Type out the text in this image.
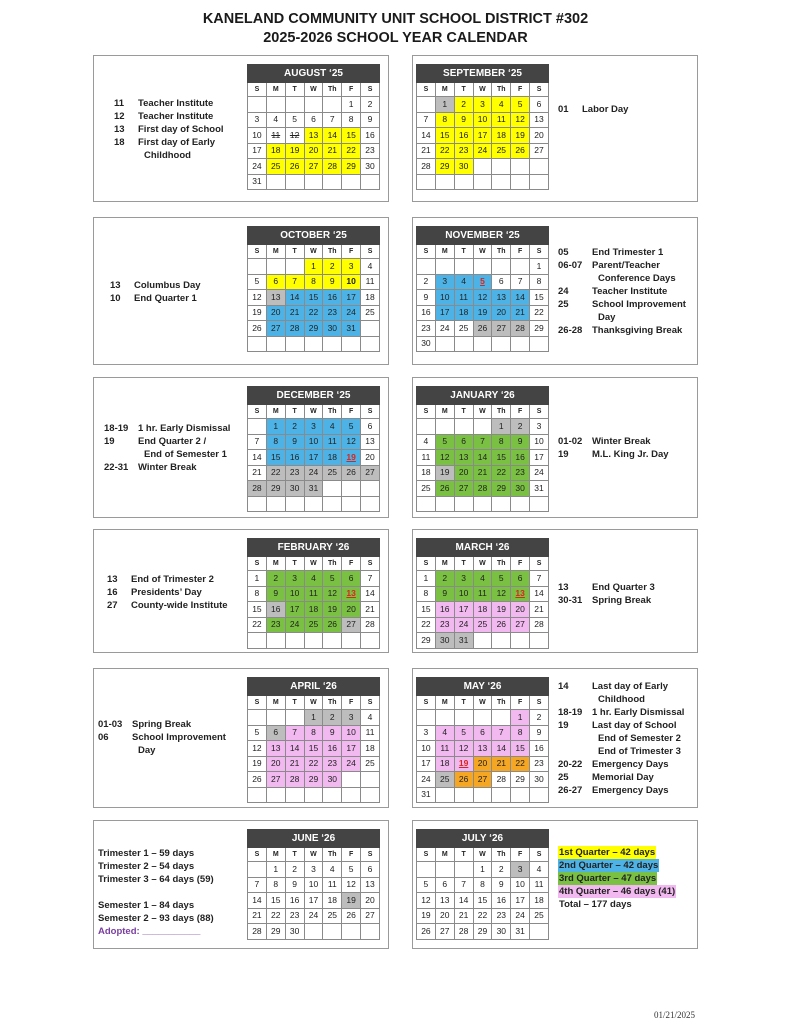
KANELAND COMMUNITY UNIT SCHOOL DISTRICT #302
2025-2026 SCHOOL YEAR CALENDAR
AUGUST ‘25						
S	M	T	W	Th	F	S
					1	2
3	4	5	6	7	8	9
10	11	12	13	14	15	16
17	18	19	20	21	22	23
24	25	26	27	28	29	30
31						
SEPTEMBER ‘25						
S	M	T	W	Th	F	S
	1	2	3	4	5	6
7	8	9	10	11	12	13
14	15	16	17	18	19	20
21	22	23	24	25	26	27
28	29	30				

OCTOBER ‘25						
S	M	T	W	Th	F	S
			1	2	3	4
5	6	7	8	9	10	11
12	13	14	15	16	17	18
19	20	21	22	23	24	25
26	27	28	29	30	31	

NOVEMBER ‘25						
S	M	T	W	Th	F	S
						1
2	3	4	5	6	7	8
9	10	11	12	13	14	15
16	17	18	19	20	21	22
23	24	25	26	27	28	29
30						
DECEMBER ‘25						
S	M	T	W	Th	F	S
	1	2	3	4	5	6
7	8	9	10	11	12	13
14	15	16	17	18	19	20
21	22	23	24	25	26	27
28	29	30	31			

JANUARY ‘26						
S	M	T	W	Th	F	S
				1	2	3
4	5	6	7	8	9	10
11	12	13	14	15	16	17
18	19	20	21	22	23	24
25	26	27	28	29	30	31

FEBRUARY ‘26						
S	M	T	W	Th	F	S
1	2	3	4	5	6	7
8	9	10	11	12	13	14
15	16	17	18	19	20	21
22	23	24	25	26	27	28

MARCH ‘26						
S	M	T	W	Th	F	S
1	2	3	4	5	6	7
8	9	10	11	12	13	14
15	16	17	18	19	20	21
22	23	24	25	26	27	28
29	30	31				
APRIL ‘26						
S	M	T	W	Th	F	S
			1	2	3	4
5	6	7	8	9	10	11
12	13	14	15	16	17	18
19	20	21	22	23	24	25
26	27	28	29	30		

MAY ‘26						
S	M	T	W	Th	F	S
					1	2
3	4	5	6	7	8	9
10	11	12	13	14	15	16
17	18	19	20	21	22	23
24	25	26	27	28	29	30
31						
JUNE ‘26						
S	M	T	W	Th	F	S
	1	2	3	4	5	6
7	8	9	10	11	12	13
14	15	16	17	18	19	20
21	22	23	24	25	26	27
28	29	30				
JULY ‘26						
S	M	T	W	Th	F	S
			1	2	3	4
5	6	7	8	9	10	11
12	13	14	15	16	17	18
19	20	21	22	23	24	25
26	27	28	29	30	31	
11	Teacher Institute
12	Teacher Institute
13	First day of School
18	First day of Early
Childhood
01	Labor Day
13	Columbus Day
10	End Quarter 1
05	End Trimester 1
06-07	Parent/Teacher
Conference Days
24	Teacher Institute
25	School Improvement
Day
26-28	Thanksgiving Break
18-19	1 hr. Early Dismissal
19	End Quarter 2 /
End of Semester 1
22-31	Winter Break
01-02	Winter Break
19	M.L. King Jr. Day
13	End of Trimester 2
16	Presidents’ Day
27	County-wide Institute
13	End Quarter 3
30-31	Spring Break
01-03	Spring Break
06	School Improvement
Day
14	Last day of Early
Childhood
18-19	1 hr. Early Dismissal
19	Last day of School
End of Semester 2
End of Trimester 3
20-22	Emergency Days
25	Memorial Day
26-27	Emergency Days
Trimester 1 – 59 days
Trimester 2 – 54 days
Trimester 3 – 64 days (59)
Semester 1 – 84 days
Semester 2 – 93 days (88)
Adopted: ___________
1st Quarter – 42 days
2nd Quarter – 42 days
3rd Quarter – 47 days
4th Quarter – 46 days (41)
Total – 177 days
01/21/2025
